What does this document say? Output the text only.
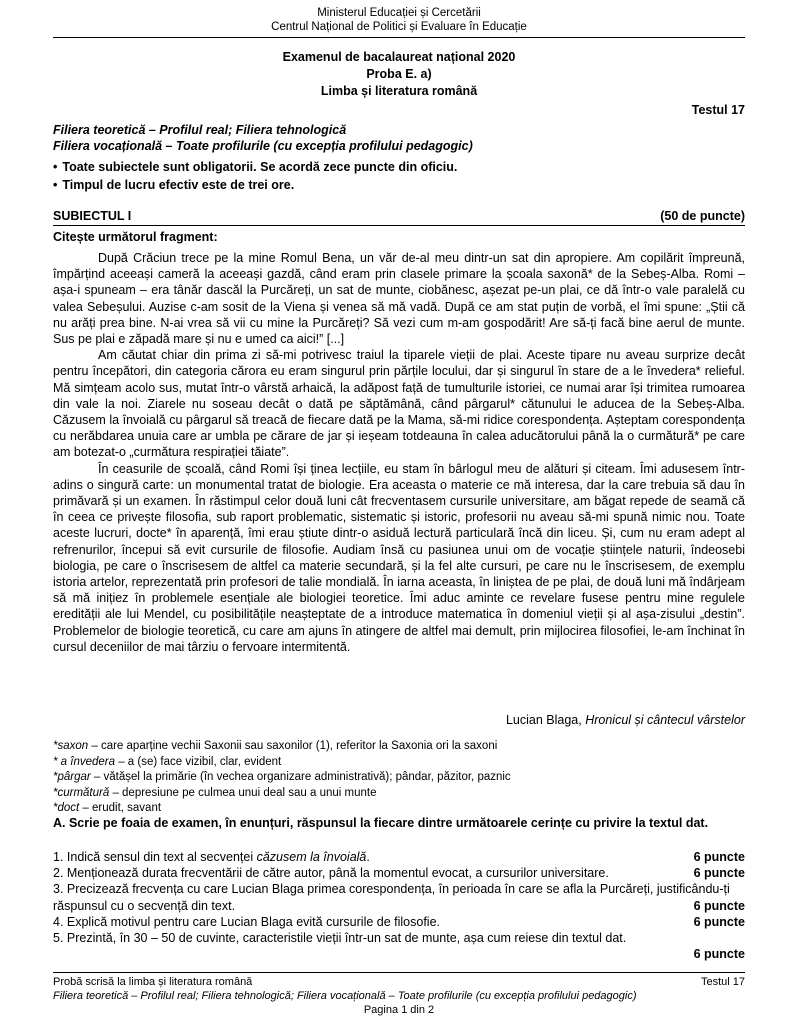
Ministerul Educației și Cercetării
Centrul Național de Politici și Evaluare în Educație
Examenul de bacalaureat național 2020
Proba E. a)
Limba și literatura română
Testul 17
Filiera teoretică – Profilul real; Filiera tehnologică
Filiera vocațională – Toate profilurile (cu excepția profilului pedagogic)
• Toate subiectele sunt obligatorii. Se acordă zece puncte din oficiu.
• Timpul de lucru efectiv este de trei ore.
SUBIECTUL I	(50 de puncte)
Citește următorul fragment:

După Crăciun trece pe la mine Romul Bena, un văr de-al meu dintr-un sat din apropiere. Am copilărit împreună, împărțind aceeași cameră la aceeași gazdă, când eram prin clasele primare la școala saxonă* de la Sebeș-Alba. Romi – așa-i spuneam – era tânăr dascăl la Purcăreți, un sat de munte, ciobănesc, așezat pe-un plai, ce dă într-o vale paralelă cu valea Sebeșului. Auzise c-am sosit de la Viena și venea să mă vadă. După ce am stat puțin de vorbă, el îmi spune: „Știi că nu arăți prea bine. N-ai vrea să vii cu mine la Purcăreți? Să vezi cum m-am gospodărit! Are să-ți facă bine aerul de munte. Sus pe plai e zăpadă mare și nu e umed ca aici!” [...]

Am căutat chiar din prima zi să-mi potrivesc traiul la tiparele vieții de plai. Aceste tipare nu aveau surprize decât pentru începători, din categoria cărora eu eram singurul prin părțile locului, dar și singurul în stare de a le învedera* relieful. Mă simțeam acolo sus, mutat într-o vârstă arhaică, la adăpost față de tumulturile istoriei, ce numai arar își trimitea rumoarea din vale la noi. Ziarele nu soseau decât o dată pe săptămână, când pârgarul* cătunului le aducea de la Sebeș-Alba. Căzusem la învoială cu pârgarul să treacă de fiecare dată pe la Mama, să-mi ridice corespondența. Așteptam corespondența cu nerăbdarea unuia care ar umbla pe cărare de jar și ieșeam totdeauna în calea aducătorului până la o curmătură* pe care am botezat-o „curmătura respirației tăiate”.

În ceasurile de școală, când Romi își ținea lecțiile, eu stam în bârlogul meu de alături și citeam. Îmi adusesem într-adins o singură carte: un monumental tratat de biologie. Era aceasta o materie ce mă interesa, dar la care trebuia să dau în primăvară și un examen. În răstimpul celor două luni cât frecventasem cursurile universitare, am băgat repede de seamă că în ceea ce privește filosofia, sub raport problematic, sistematic și istoric, profesorii nu aveau să-mi spună nimic nou. Toate aceste lucruri, docte* în aparență, îmi erau știute dintr-o asiduă lectură particulară încă din liceu. Și, cum nu eram adept al refrenurilor, începui să evit cursurile de filosofie. Audiam însă cu pasiunea unui om de vocație științele naturii, îndeosebi biologia, pe care o înscrisesem de altfel ca materie secundară, și la fel alte cursuri, pe care nu le înscrisesem, de exemplu istoria artelor, reprezentată prin profesori de talie mondială. În iarna aceasta, în liniștea de pe plai, de două luni mă îndârjeam să mă inițiez în problemele esențiale ale biologiei teoretice. Îmi aduc aminte ce revelare fusese pentru mine regulele eredității ale lui Mendel, cu posibilitățile neașteptate de a introduce matematica în domeniul vieții și al așa-zisului „destin”. Problemelor de biologie teoretică, cu care am ajuns în atingere de altfel mai demult, prin mijlocirea filosofiei, le-am închinat în cursul deceniilor de mai târziu o fervoare intermitentă.

Lucian Blaga, Hronicul și cântecul vârstelor
*saxon – care aparține vechii Saxonii sau saxonilor (1), referitor la Saxonia ori la saxoni
* a învedera – a (se) face vizibil, clar, evident
*pârgar – vătășel la primărie (în vechea organizare administrativă); pândar, păzitor, paznic
*curmătură – depresiune pe culmea unui deal sau a unui munte
*doct – erudit, savant
A. Scrie pe foaia de examen, în enunțuri, răspunsul la fiecare dintre următoarele cerințe cu privire la textul dat.
1. Indică sensul din text al secvenței căzusem la învoială.	6 puncte
2. Menționează durata frecventării de către autor, până la momentul evocat, a cursurilor universitare.	6 puncte
3. Precizează frecvența cu care Lucian Blaga primea corespondența, în perioada în care se afla la Purcăreți, justificându-ți răspunsul cu o secvență din text.	6 puncte
4. Explică motivul pentru care Lucian Blaga evită cursurile de filosofie.	6 puncte
5. Prezintă, în 30 – 50 de cuvinte, caracteristile vieții într-un sat de munte, așa cum reiese din textul dat.
6 puncte
Probă scrisă la limba și literatura română	Testul 17
Filiera teoretică – Profilul real; Filiera tehnologică; Filiera vocațională – Toate profilurile (cu excepția profilului pedagogic)
Pagina 1 din 2
